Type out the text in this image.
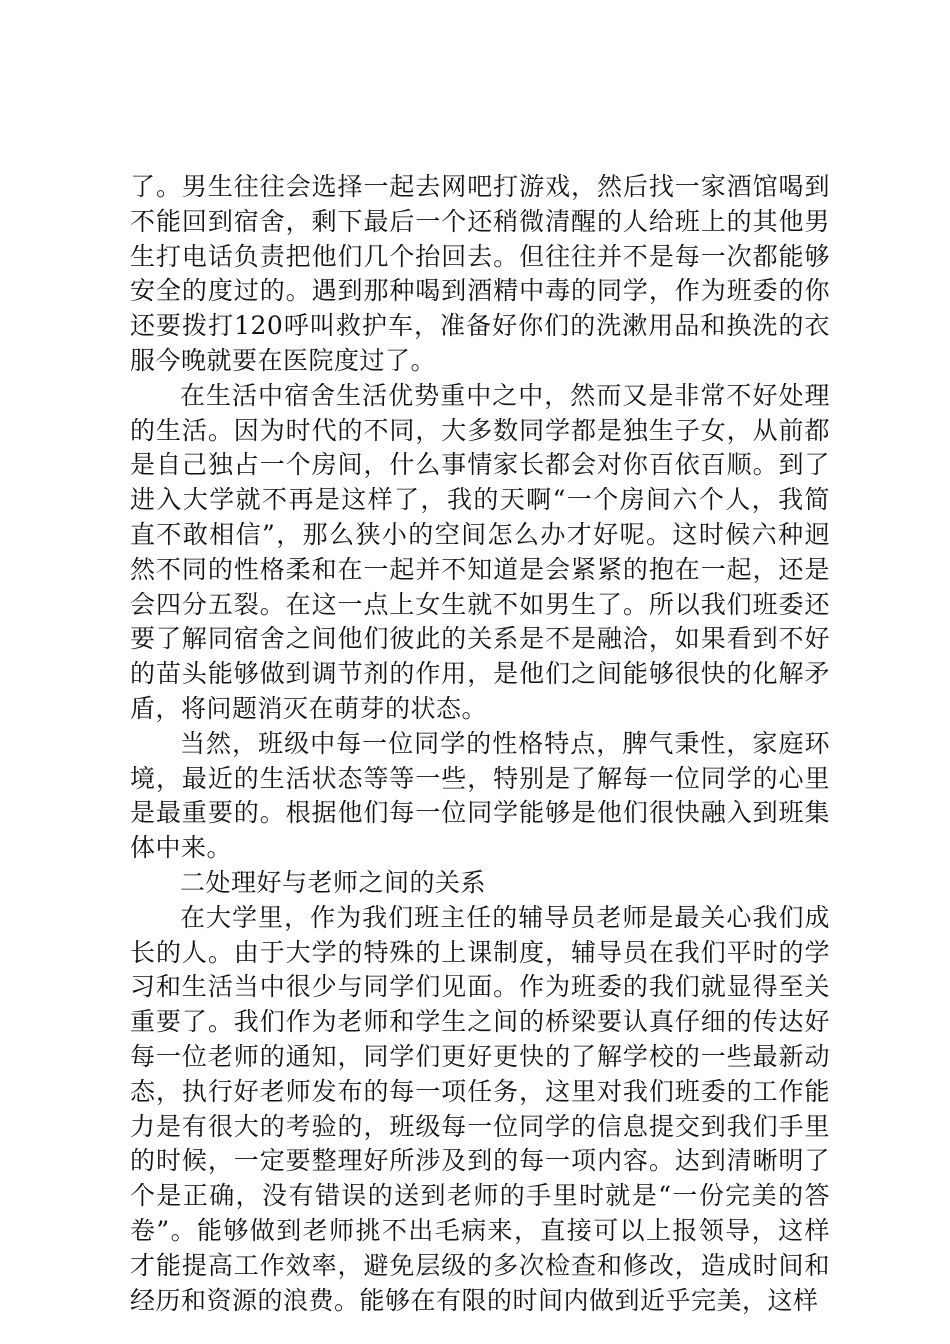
了。男生往往会选择一起去网吧打游戏，然后找一家酒馆喝到不能回到宿舍，剩下最后一个还稍微清醒的人给班上的其他男生打电话负责把他们几个抬回去。但往往并不是每一次都能够安全的度过的。遇到那种喝到酒精中毒的同学，作为班委的你还要拨打120呼叫救护车，准备好你们的洗漱用品和换洗的衣服今晚就要在医院度过了。

在生活中宿舍生活优势重中之中，然而又是非常不好处理的生活。因为时代的不同，大多数同学都是独生子女，从前都是自己独占一个房间，什么事情家长都会对你百依百顺。到了进入大学就不再是这样了，我的天啊“一个房间六个人，我简直不敢相信”，那么狭小的空间怎么办才好呢。这时候六种迥然不同的性格柔和在一起并不知道是会紧紧的抱在一起，还是会四分五裂。在这一点上女生就不如男生了。所以我们班委还要了解同宿舍之间他们彼此的关系是不是融洽，如果看到不好的苗头能够做到调节剂的作用，是他们之间能够很快的化解矛盾，将问题消灭在萌芽的状态。

当然，班级中每一位同学的性格特点，脾气秉性，家庭环境，最近的生活状态等等一些，特别是了解每一位同学的心里是最重要的。根据他们每一位同学能够是他们很快融入到班集体中来。

二处理好与老师之间的关系

在大学里，作为我们班主任的辅导员老师是最关心我们成长的人。由于大学的特殊的上课制度，辅导员在我们平时的学习和生活当中很少与同学们见面。作为班委的我们就显得至关重要了。我们作为老师和学生之间的桥梁要认真仔细的传达好每一位老师的通知，同学们更好更快的了解学校的一些最新动态，执行好老师发布的每一项任务，这里对我们班委的工作能力是有很大的考验的，班级每一位同学的信息提交到我们手里的时候，一定要整理好所涉及到的每一项内容。达到清晰明了个是正确，没有错误的送到老师的手里时就是“一份完美的答卷”。能够做到老师挑不出毛病来，直接可以上报领导，这样才能提高工作效率，避免层级的多次检查和修改，造成时间和经历和资源的浪费。能够在有限的时间内做到近乎完美，这样
